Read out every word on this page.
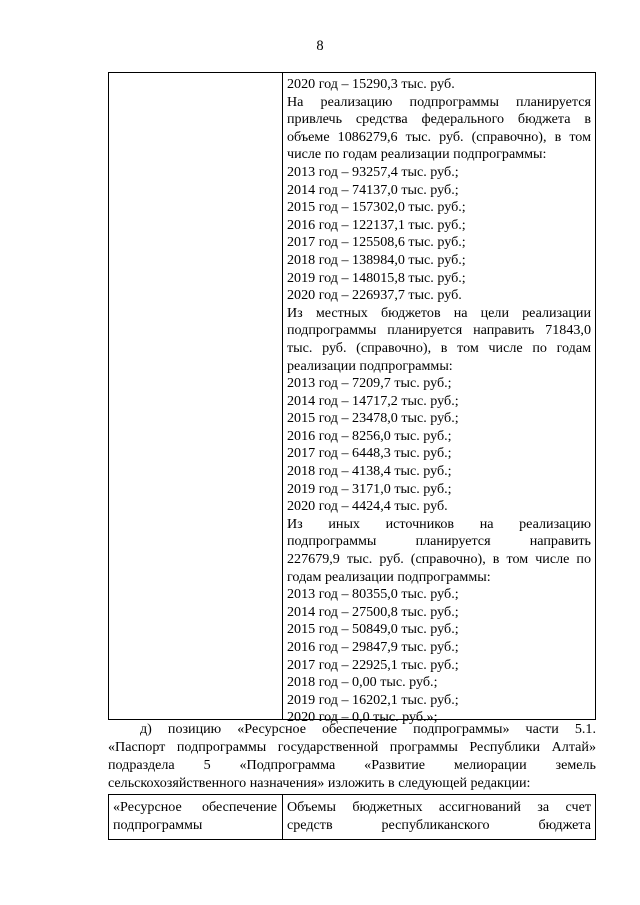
8
2020 год – 15290,3 тыс. руб.
На реализацию подпрограммы планируется
привлечь средства федерального бюджета в
объеме 1086279,6 тыс. руб. (справочно), в том
числе по годам реализации подпрограммы:
2013 год – 93257,4 тыс. руб.;
2014 год – 74137,0 тыс. руб.;
2015 год – 157302,0 тыс. руб.;
2016 год – 122137,1 тыс. руб.;
2017 год – 125508,6 тыс. руб.;
2018 год – 138984,0 тыс. руб.;
2019 год – 148015,8 тыс. руб.;
2020 год – 226937,7 тыс. руб.
Из местных бюджетов на цели реализации
подпрограммы планируется направить 71843,0
тыс. руб. (справочно), в том числе по годам
реализации подпрограммы:
2013 год – 7209,7 тыс. руб.;
2014 год – 14717,2 тыс. руб.;
2015 год – 23478,0 тыс. руб.;
2016 год – 8256,0 тыс. руб.;
2017 год – 6448,3 тыс. руб.;
2018 год – 4138,4 тыс. руб.;
2019 год – 3171,0 тыс. руб.;
2020 год – 4424,4 тыс. руб.
Из иных источников на реализацию
подпрограммы планируется направить
227679,9 тыс. руб. (справочно), в том числе по
годам реализации подпрограммы:
2013 год – 80355,0 тыс. руб.;
2014 год – 27500,8 тыс. руб.;
2015 год – 50849,0 тыс. руб.;
2016 год – 29847,9 тыс. руб.;
2017 год – 22925,1 тыс. руб.;
2018 год – 0,00 тыс. руб.;
2019 год – 16202,1 тыс. руб.;
2020 год – 0,0 тыс. руб.»;
д) позицию «Ресурсное обеспечение подпрограммы» части 5.1.
«Паспорт подпрограммы государственной программы Республики Алтай»
подраздела 5 «Подпрограмма «Развитие мелиорации земель
сельскохозяйственного назначения» изложить в следующей редакции:
«Ресурсное обеспечение
подпрограммы
Объемы бюджетных ассигнований за счет
средств республиканского бюджета
